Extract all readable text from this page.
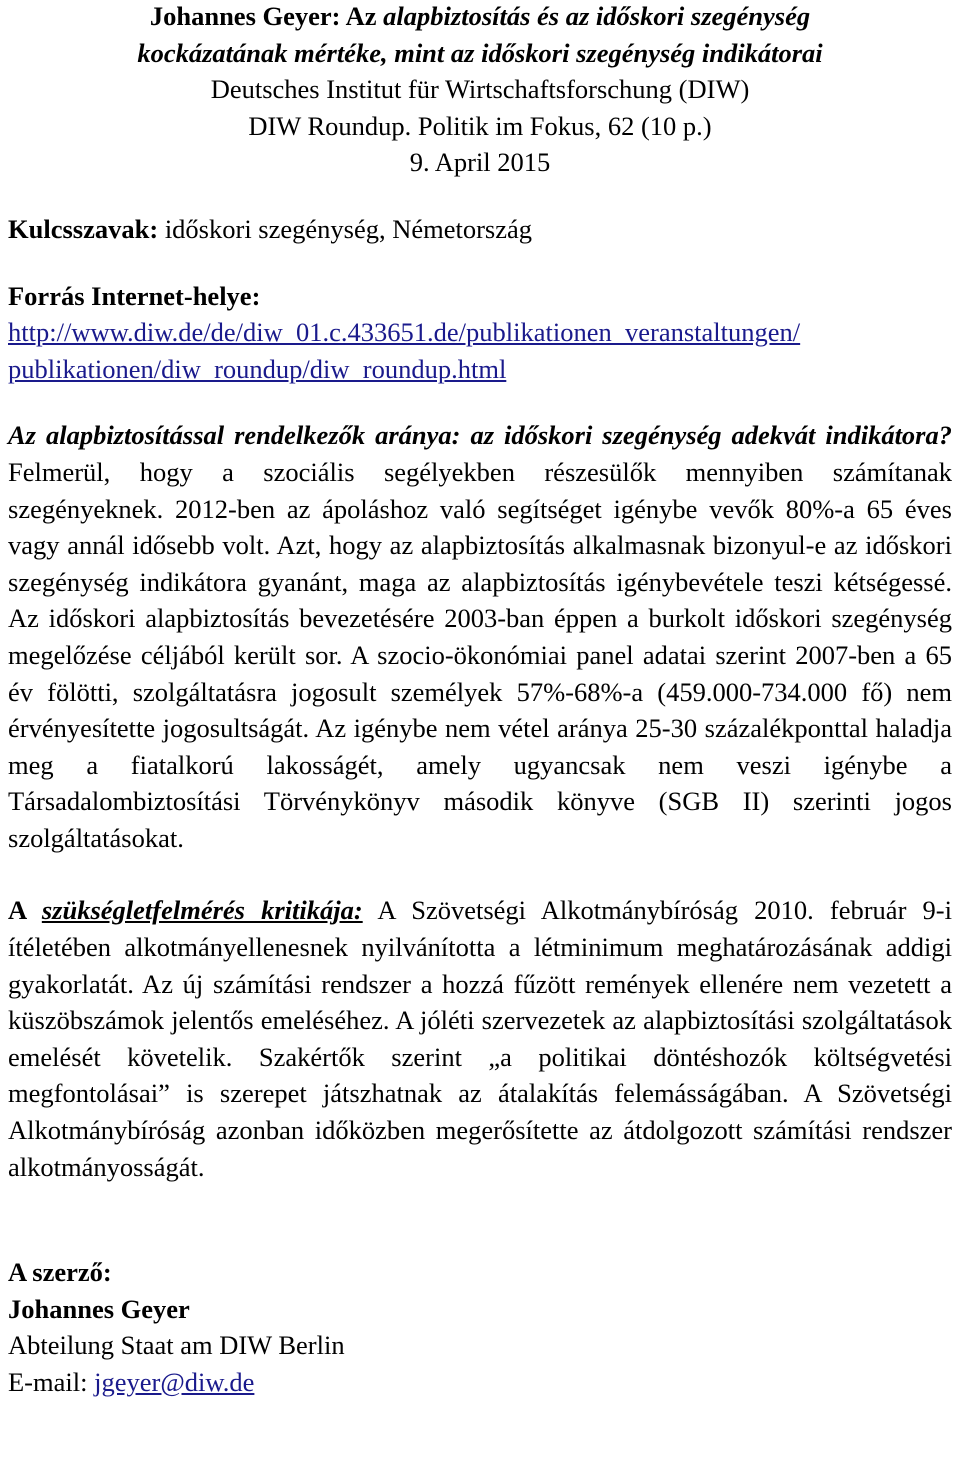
Johannes Geyer: Az alapbiztosítás és az időskori szegénység
kockázatának mértéke, mint az időskori szegénység indikátorai
Deutsches Institut für Wirtschaftsforschung (DIW)
DIW Roundup. Politik im Fokus, 62 (10 p.)
9. April 2015
Kulcsszavak: időskori szegénység, Németország
Forrás Internet-helye:
http://www.diw.de/de/diw_01.c.433651.de/publikationen_veranstaltungen/
publikationen/diw_roundup/diw_roundup.html
Az alapbiztosítással rendelkezők aránya: az időskori szegénység adekvát indikátora? Felmerül, hogy a szociális segélyekben részesülők mennyiben számítanak szegényeknek. 2012-ben az ápoláshoz való segítséget igénybe vevők 80%-a 65 éves vagy annál idősebb volt. Azt, hogy az alapbiztosítás alkalmasnak bizonyul-e az időskori szegénység indikátora gyanánt, maga az alapbiztosítás igénybevétele teszi kétségessé. Az időskori alapbiztosítás bevezetésére 2003-ban éppen a burkolt időskori szegénység megelőzése céljából került sor. A szocio-ökonómiai panel adatai szerint 2007-ben a 65 év fölötti, szolgáltatásra jogosult személyek 57%-68%-a (459.000-734.000 fő) nem érvényesítette jogosultságát. Az igénybe nem vétel aránya 25-30 százalékponttal haladja meg a fiatalkorú lakosságét, amely ugyancsak nem veszi igénybe a Társadalombiztosítási Törvénykönyv második könyve (SGB II) szerinti jogos szolgáltatásokat.
A szükségletfelmérés kritikája: A Szövetségi Alkotmánybíróság 2010. február 9-i ítéletében alkotmányellenesnek nyilvánította a létminimum meghatározásának addigi gyakorlatát. Az új számítási rendszer a hozzá fűzött remények ellenére nem vezetett a küszöbszámok jelentős emeléséhez. A jóléti szervezetek az alapbiztosítási szolgáltatások emelését követelik. Szakértők szerint „a politikai döntéshozók költségvetési megfontolásai” is szerepet játszhatnak az átalakítás felemásságában. A Szövetségi Alkotmánybíróság azonban időközben megerősítette az átdolgozott számítási rendszer alkotmányosságát.
A szerző:
Johannes Geyer
Abteilung Staat am DIW Berlin
E-mail: jgeyer@diw.de
